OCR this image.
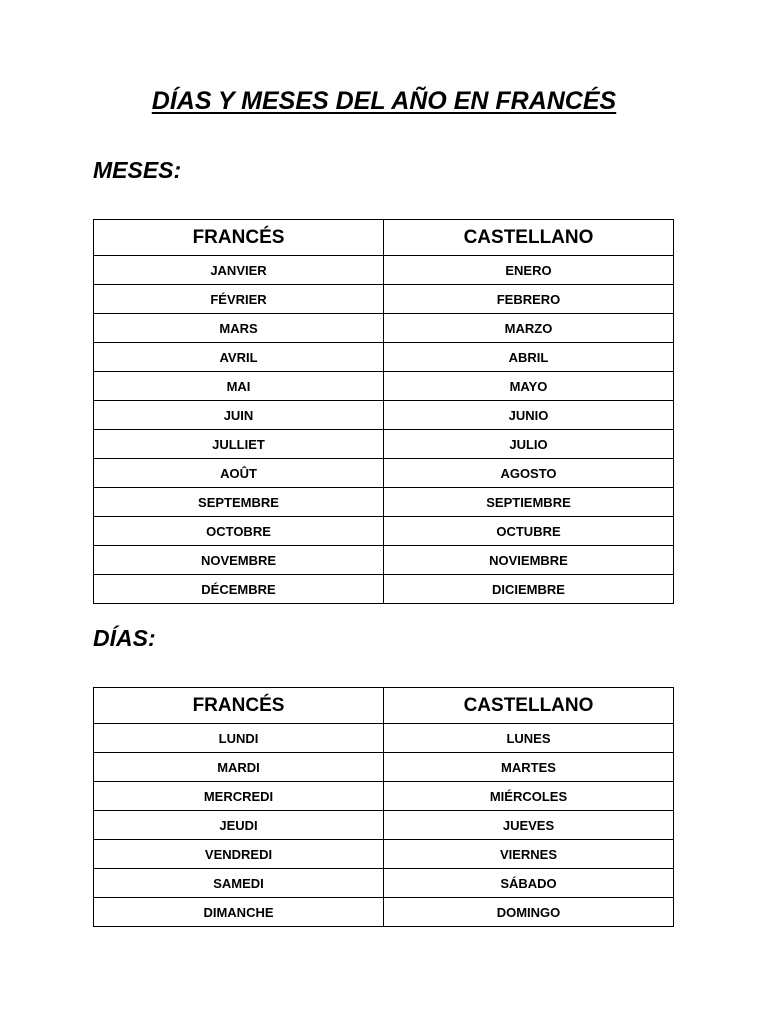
DÍAS Y MESES DEL AÑO EN FRANCÉS
MESES:
FRANCÉS	CASTELLANO
JANVIER	ENERO
FÉVRIER	FEBRERO
MARS	MARZO
AVRIL	ABRIL
MAI	MAYO
JUIN	JUNIO
JULLIET	JULIO
AOÛT	AGOSTO
SEPTEMBRE	SEPTIEMBRE
OCTOBRE	OCTUBRE
NOVEMBRE	NOVIEMBRE
DÉCEMBRE	DICIEMBRE
DÍAS:
FRANCÉS	CASTELLANO
LUNDI	LUNES
MARDI	MARTES
MERCREDI	MIÉRCOLES
JEUDI	JUEVES
VENDREDI	VIERNES
SAMEDI	SÁBADO
DIMANCHE	DOMINGO
